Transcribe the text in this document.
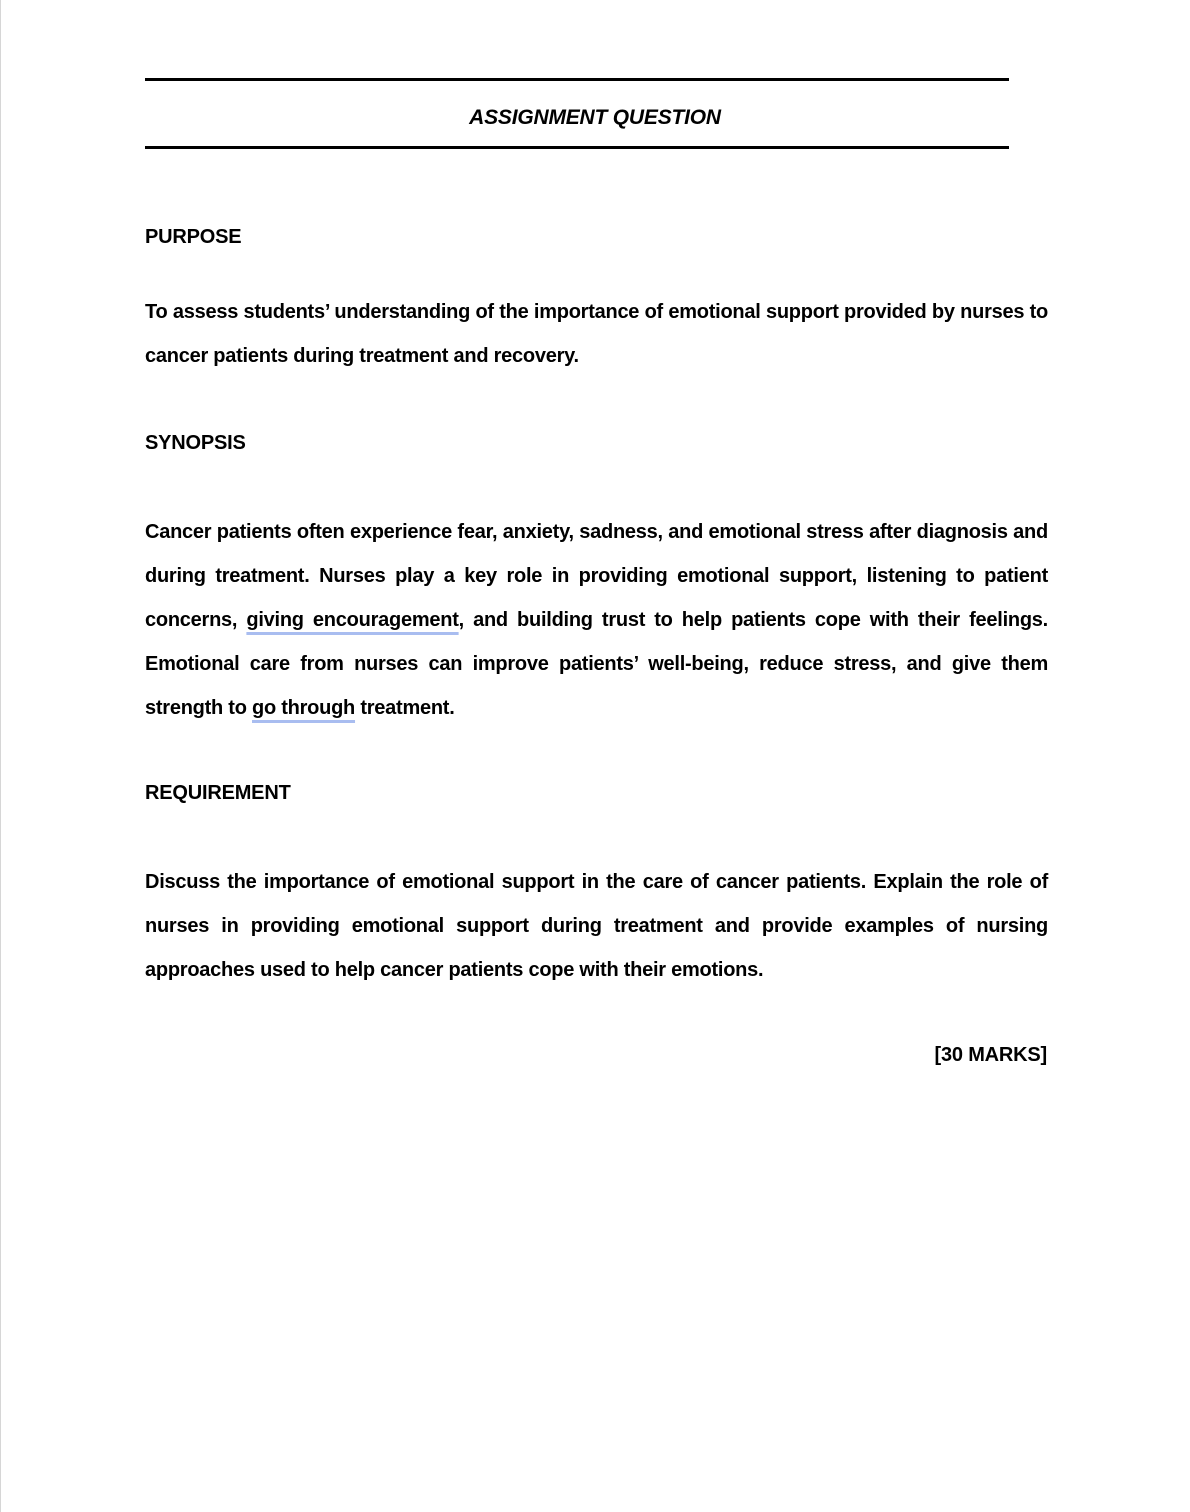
ASSIGNMENT QUESTION
PURPOSE
To assess students’ understanding of the importance of emotional support provided by nurses to cancer patients during treatment and recovery.
SYNOPSIS
Cancer patients often experience fear, anxiety, sadness, and emotional stress after diagnosis and during treatment. Nurses play a key role in providing emotional support, listening to patient concerns, giving encouragement, and building trust to help patients cope with their feelings. Emotional care from nurses can improve patients’ well-being, reduce stress, and give them strength to go through treatment.
REQUIREMENT
Discuss the importance of emotional support in the care of cancer patients. Explain the role of nurses in providing emotional support during treatment and provide examples of nursing approaches used to help cancer patients cope with their emotions.
[30 MARKS]
